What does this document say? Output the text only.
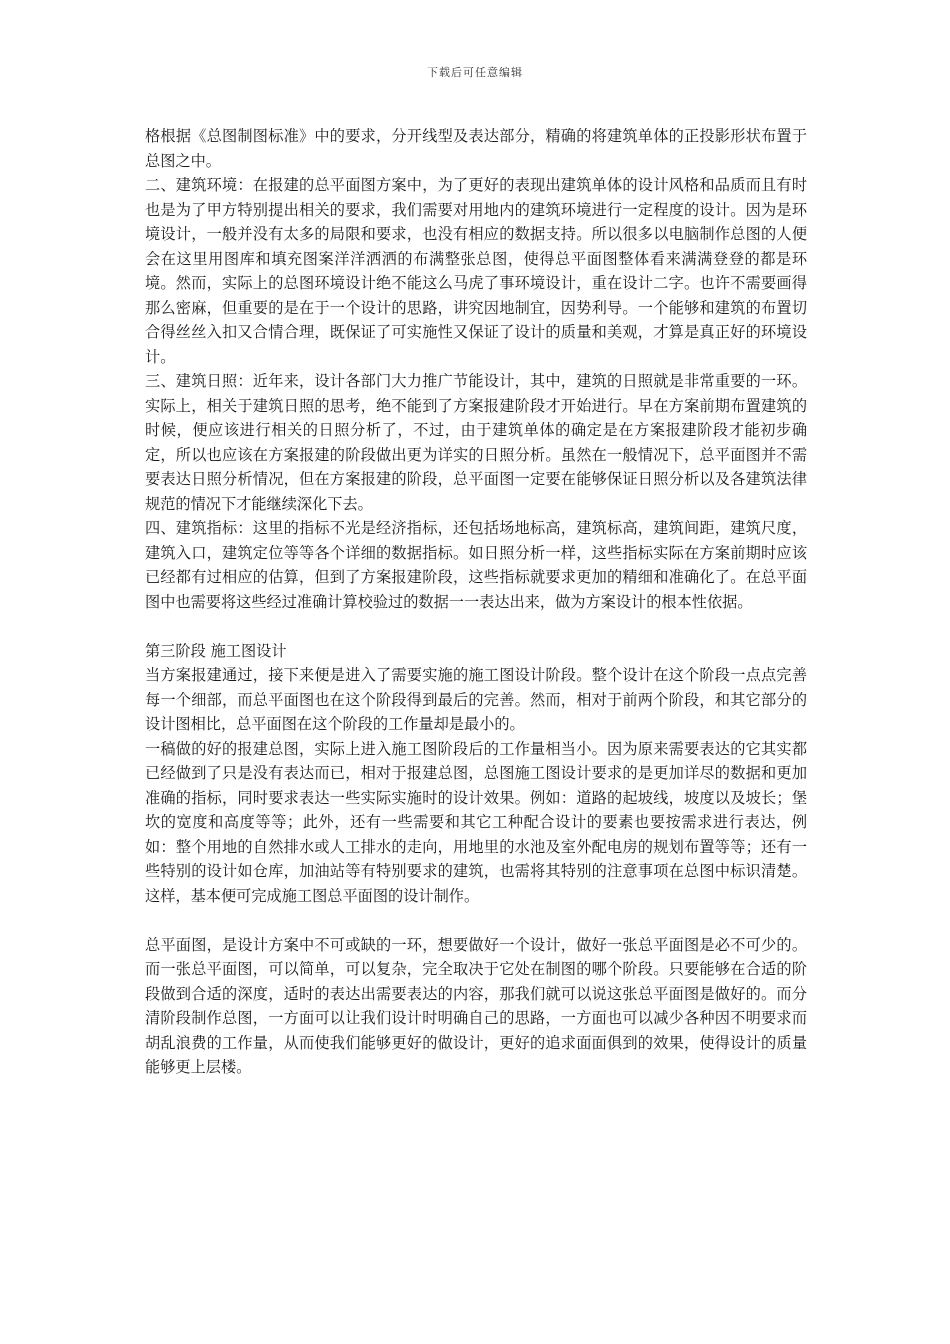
下载后可任意编辑

格根据《总图制图标准》中的要求，分开线型及表达部分，精确的将建筑单体的正投影形状布置于总图之中。

二、建筑环境：在报建的总平面图方案中，为了更好的表现出建筑单体的设计风格和品质而且有时也是为了甲方特别提出相关的要求，我们需要对用地内的建筑环境进行一定程度的设计。因为是环境设计，一般并没有太多的局限和要求，也没有相应的数据支持。所以很多以电脑制作总图的人便会在这里用图库和填充图案洋洋洒洒的布满整张总图，使得总平面图整体看来满满登登的都是环境。然而，实际上的总图环境设计绝不能这么马虎了事环境设计，重在设计二字。也许不需要画得那么密麻，但重要的是在于一个设计的思路，讲究因地制宜，因势利导。一个能够和建筑的布置切合得丝丝入扣又合情合理，既保证了可实施性又保证了设计的质量和美观，才算是真正好的环境设计。

三、建筑日照：近年来，设计各部门大力推广节能设计，其中，建筑的日照就是非常重要的一环。实际上，相关于建筑日照的思考，绝不能到了方案报建阶段才开始进行。早在方案前期布置建筑的时候，便应该进行相关的日照分析了，不过，由于建筑单体的确定是在方案报建阶段才能初步确定，所以也应该在方案报建的阶段做出更为详实的日照分析。虽然在一般情况下，总平面图并不需要表达日照分析情况，但在方案报建的阶段，总平面图一定要在能够保证日照分析以及各建筑法律规范的情况下才能继续深化下去。

四、建筑指标：这里的指标不光是经济指标，还包括场地标高，建筑标高，建筑间距，建筑尺度，建筑入口，建筑定位等等各个详细的数据指标。如日照分析一样，这些指标实际在方案前期时应该已经都有过相应的估算，但到了方案报建阶段，这些指标就要求更加的精细和准确化了。在总平面图中也需要将这些经过准确计算校验过的数据一一表达出来，做为方案设计的根本性依据。

第三阶段 施工图设计

当方案报建通过，接下来便是进入了需要实施的施工图设计阶段。整个设计在这个阶段一点点完善每一个细部，而总平面图也在这个阶段得到最后的完善。然而，相对于前两个阶段，和其它部分的设计图相比，总平面图在这个阶段的工作量却是最小的。

一稿做的好的报建总图，实际上进入施工图阶段后的工作量相当小。因为原来需要表达的它其实都已经做到了只是没有表达而已，相对于报建总图，总图施工图设计要求的是更加详尽的数据和更加准确的指标，同时要求表达一些实际实施时的设计效果。例如：道路的起坡线，坡度以及坡长；堡坎的宽度和高度等等；此外，还有一些需要和其它工种配合设计的要素也要按需求进行表达，例如：整个用地的自然排水或人工排水的走向，用地里的水池及室外配电房的规划布置等等；还有一些特别的设计如仓库，加油站等有特别要求的建筑，也需将其特别的注意事项在总图中标识清楚。这样，基本便可完成施工图总平面图的设计制作。

总平面图，是设计方案中不可或缺的一环，想要做好一个设计，做好一张总平面图是必不可少的。而一张总平面图，可以简单，可以复杂，完全取决于它处在制图的哪个阶段。只要能够在合适的阶段做到合适的深度，适时的表达出需要表达的内容，那我们就可以说这张总平面图是做好的。而分清阶段制作总图，一方面可以让我们设计时明确自己的思路，一方面也可以减少各种因不明要求而胡乱浪费的工作量，从而使我们能够更好的做设计，更好的追求面面俱到的效果，使得设计的质量能够更上层楼。
